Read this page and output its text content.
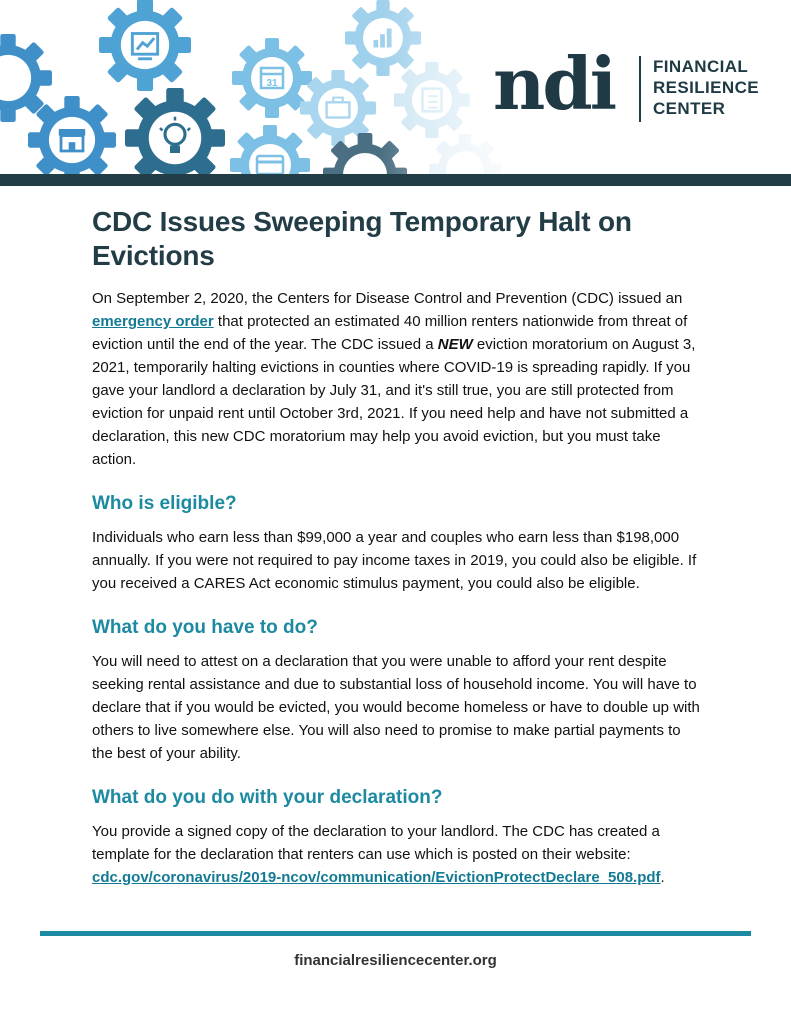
31	ndi FINANCIAL
RESILIENCE
CENTER
CDC Issues Sweeping Temporary Halt on Evictions

On September 2, 2020, the Centers for Disease Control and Prevention (CDC) issued an emergency order that protected an estimated 40 million renters nationwide from threat of eviction until the end of the year. The CDC issued a NEW eviction moratorium on August 3, 2021, temporarily halting evictions in counties where COVID-19 is spreading rapidly. If you gave your landlord a declaration by July 31, and it's still true, you are still protected from eviction for unpaid rent until October 3rd, 2021. If you need help and have not submitted a declaration, this new CDC moratorium may help you avoid eviction, but you must take action.

Who is eligible?

Individuals who earn less than $99,000 a year and couples who earn less than $198,000 annually. If you were not required to pay income taxes in 2019, you could also be eligible. If you received a CARES Act economic stimulus payment, you could also be eligible.

What do you have to do?

You will need to attest on a declaration that you were unable to afford your rent despite seeking rental assistance and due to substantial loss of household income. You will have to declare that if you would be evicted, you would become homeless or have to double up with others to live somewhere else. You will also need to promise to make partial payments to the best of your ability.

What do you do with your declaration?

You provide a signed copy of the declaration to your landlord. The CDC has created a template for the declaration that renters can use which is posted on their website: cdc.gov/coronavirus/2019-ncov/communication/EvictionProtectDeclare_508.pdf.

financialresiliencecenter.org
